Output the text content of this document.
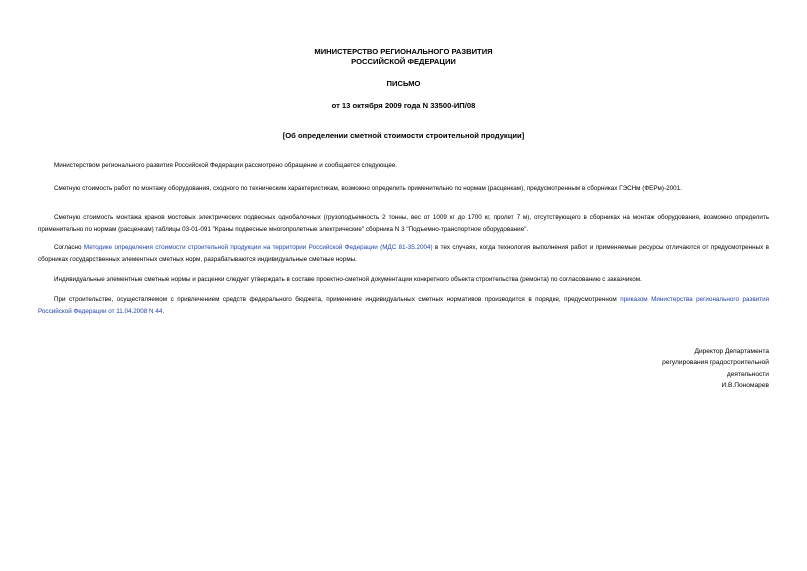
МИНИСТЕРСТВО РЕГИОНАЛЬНОГО РАЗВИТИЯ
РОССИЙСКОЙ ФЕДЕРАЦИИ
ПИСЬМО
от 13 октября 2009 года N 33500-ИП/08
[Об определении сметной стоимости строительной продукции]
Министерством регионального развития Российской Федерации рассмотрено обращение и сообщается следующее.
Сметную стоимость работ по монтажу оборудования, сходного по техническим характеристикам, возможно определить применительно по нормам (расценкам), предусмотренным в сборниках ГЭСНм (ФЕРм)-2001.
Сметную стоимость монтажа кранов мостовых электрических подвесных однобалочных (грузоподъемность 2 тонны, вес от 1009 кг до 1700 кг, пролет 7 м), отсутствующего в сборниках на монтаж оборудования, возможно определить применительно по нормам (расценкам) таблицы 03-01-091 "Краны подвесные многопролетные электрические" сборника N 3 "Подъемно-транспортное оборудование".
Согласно Методике определения стоимости строительной продукции на территории Российской Федерации (МДС 81-35.2004) в тех случаях, когда технология выполнения работ и применяемые ресурсы отличаются от предусмотренных в сборниках государственных элементных сметных норм, разрабатываются индивидуальные сметные нормы.
Индивидуальные элементные сметные нормы и расценки следует утверждать в составе проектно-сметной документации конкретного объекта строительства (ремонта) по согласованию с заказчиком.
При строительстве, осуществляемом с привлечением средств федерального бюджета, применение индивидуальных сметных нормативов производится в порядке, предусмотренном приказом Министерства регионального развития Российской Федерации от 11.04.2008 N 44.
Директор Департамента
регулирования градостроительной
деятельности
И.В.Пономарев
